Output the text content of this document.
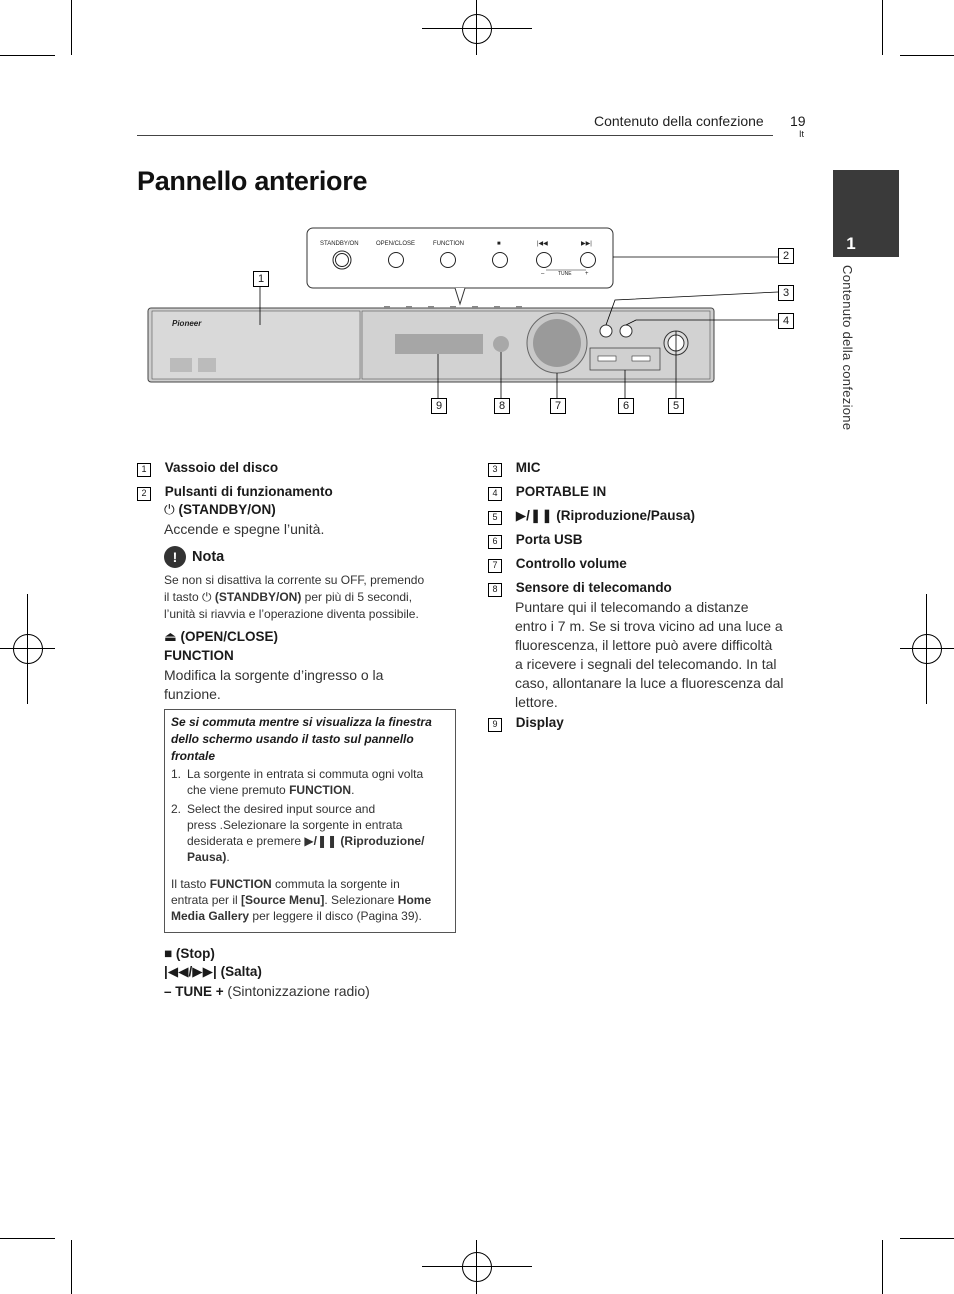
Contenuto della confezione 19
It
1
Contenuto della confezione
Pannello anteriore
STANDBY/ON	OPEN/CLOSE	FUNCTION	■	|◀◀	▶▶|
–	TUNE +
Pioneer
1
2
3
4
5
6
7
8
9
1 Vassoio del disco
2 Pulsanti di funzionamento
⏻ (STANDBY/ON)
Accende e spegne l’unità.
!	Nota
Se non si disattiva la corrente su OFF, premendo
il tasto ⏻ (STANDBY/ON) per più di 5 secondi,
l’unità si riavvia e l’operazione diventa possibile.
⏏ (OPEN/CLOSE)
FUNCTION
Modifica la sorgente d’ingresso o la
funzione.
Se si commuta mentre si visualizza la finestra
dello schermo usando il tasto sul pannello
frontale
1. La sorgente in entrata si commuta ogni volta
che viene premuto FUNCTION.
2. Select the desired input source and
press .Selezionare la sorgente in entrata
desiderata e premere ▶/❚❚ (Riproduzione/
Pausa).
Il tasto FUNCTION commuta la sorgente in
entrata per il [Source Menu]. Selezionare Home
Media Gallery per leggere il disco (Pagina 39).
■ (Stop)
|◀◀/▶▶| (Salta)
– TUNE + (Sintonizzazione radio)
3 MIC
4 PORTABLE IN
5 ▶/❚❚ (Riproduzione/Pausa)
6 Porta USB
7 Controllo volume
8 Sensore di telecomando
Puntare qui il telecomando a distanze
entro i 7 m. Se si trova vicino ad una luce a
fluorescenza, il lettore può avere difficoltà
a ricevere i segnali del telecomando. In tal
caso, allontanare la luce a fluorescenza dal
lettore.
9 Display
